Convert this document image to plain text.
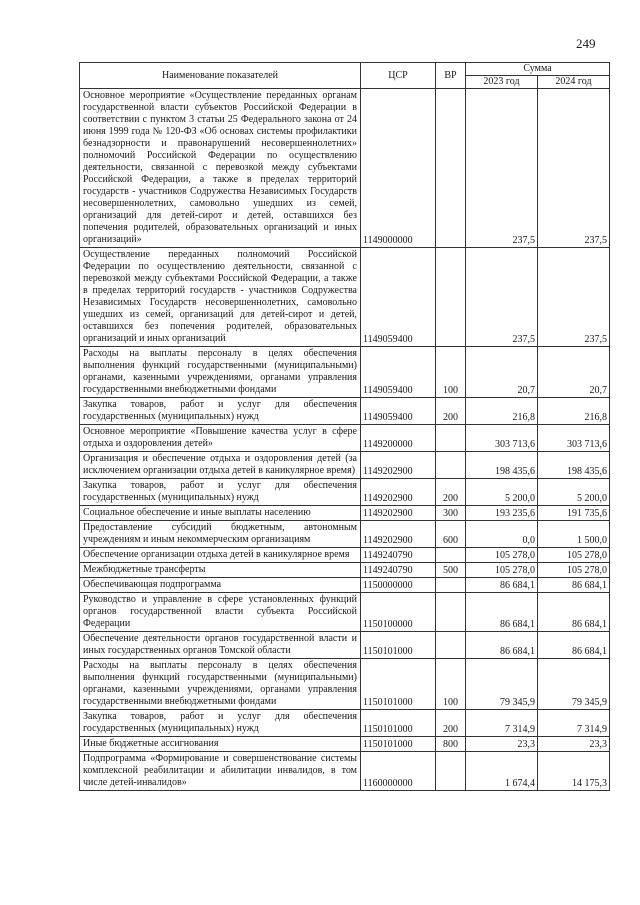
249
Наименование показателей	ЦСР	ВР	Сумма	
			2023 год	2024 год
Основное мероприятие «Осуществление переданных органам государственной власти субъектов Российской Федерации в соответствии с пунктом 3 статьи 25 Федерального закона от 24 июня 1999 года № 120-ФЗ «Об основах системы профилактики безнадзорности и правонарушений несовершеннолетних» полномочий Российской Федерации по осуществлению деятельности, связанной с перевозкой между субъектами Российской Федерации, а также в пределах территорий государств - участников Содружества Независимых Государств несовершеннолетних, самовольно ушедших из семей, организаций для детей-сирот и детей, оставшихся без попечения родителей, образовательных организаций и иных организаций»	1149000000		237,5	237,5
Осуществление переданных полномочий Российской Федерации по осуществлению деятельности, связанной с перевозкой между субъектами Российской Федерации, а также в пределах территорий государств - участников Содружества Независимых Государств несовершеннолетних, самовольно ушедших из семей, организаций для детей-сирот и детей, оставшихся без попечения родителей, образовательных организаций и иных организаций	1149059400		237,5	237,5
Расходы на выплаты персоналу в целях обеспечения выполнения функций государственными (муниципальными) органами, казенными учреждениями, органами управления государственными внебюджетными фондами	1149059400	100	20,7	20,7
Закупка товаров, работ и услуг для обеспечения государственных (муниципальных) нужд	1149059400	200	216,8	216,8
Основное мероприятие «Повышение качества услуг в сфере отдыха и оздоровления детей»	1149200000		303 713,6	303 713,6
Организация и обеспечение отдыха и оздоровления детей (за исключением организации отдыха детей в каникулярное время)	1149202900		198 435,6	198 435,6
Закупка товаров, работ и услуг для обеспечения государственных (муниципальных) нужд	1149202900	200	5 200,0	5 200,0
Социальное обеспечение и иные выплаты населению	1149202900	300	193 235,6	191 735,6
Предоставление субсидий бюджетным, автономным учреждениям и иным некоммерческим организациям	1149202900	600	0,0	1 500,0
Обеспечение организации отдыха детей в каникулярное время	1149240790		105 278,0	105 278,0
Межбюджетные трансферты	1149240790	500	105 278,0	105 278,0
Обеспечивающая подпрограмма	1150000000		86 684,1	86 684,1
Руководство и управление в сфере установленных функций органов государственной власти субъекта Российской Федерации	1150100000		86 684,1	86 684,1
Обеспечение деятельности органов государственной власти и иных государственных органов Томской области	1150101000		86 684,1	86 684,1
Расходы на выплаты персоналу в целях обеспечения выполнения функций государственными (муниципальными) органами, казенными учреждениями, органами управления государственными внебюджетными фондами	1150101000	100	79 345,9	79 345,9
Закупка товаров, работ и услуг для обеспечения государственных (муниципальных) нужд	1150101000	200	7 314,9	7 314,9
Иные бюджетные ассигнования	1150101000	800	23,3	23,3
Подпрограмма «Формирование и совершенствование системы комплексной реабилитации и абилитации инвалидов, в том числе детей-инвалидов»	1160000000		1 674,4	14 175,3
